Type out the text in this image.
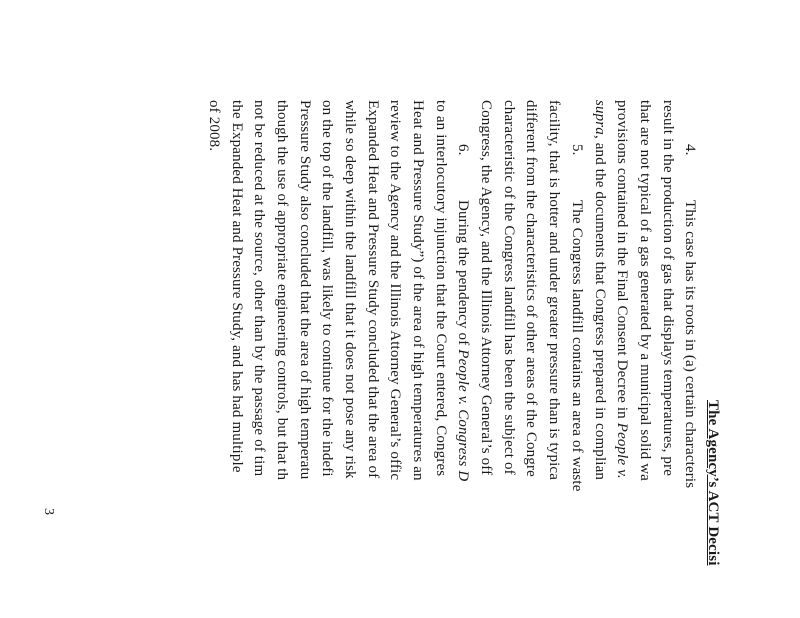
The Agency’s ACT Decisi
4.This case has its roots in (a) certain characteris
result in the production of gas that displays temperatures, pre
that are not typical of a gas generated by a municipal solid wa
provisions contained in the Final Consent Decree in People v.
supra, and the documents that Congress prepared in complian
5.The Congress landfill contains an area of waste
facility, that is hotter and under greater pressure than is typica
different from the characteristics of other areas of the Congre
characteristic of the Congress landfill has been the subject of
Congress, the Agency, and the Illinois Attorney General’s off
6.During the pendency of People v. Congress D
to an interlocutory injunction that the Court entered, Congres
Heat and Pressure Study”) of the area of high temperatures an
review to the Agency and the Illinois Attorney General’s offic
Expanded Heat and Pressure Study concluded that the area of
while so deep within the landfill that it does not pose any risk
on the top of the landfill, was likely to continue for the indefi
Pressure Study also concluded that the area of high temperatu
though the use of appropriate engineering controls, but that th
not be reduced at the source, other than by the passage of tim
the Expanded Heat and Pressure Study, and has had multiple
of 2008.
3
